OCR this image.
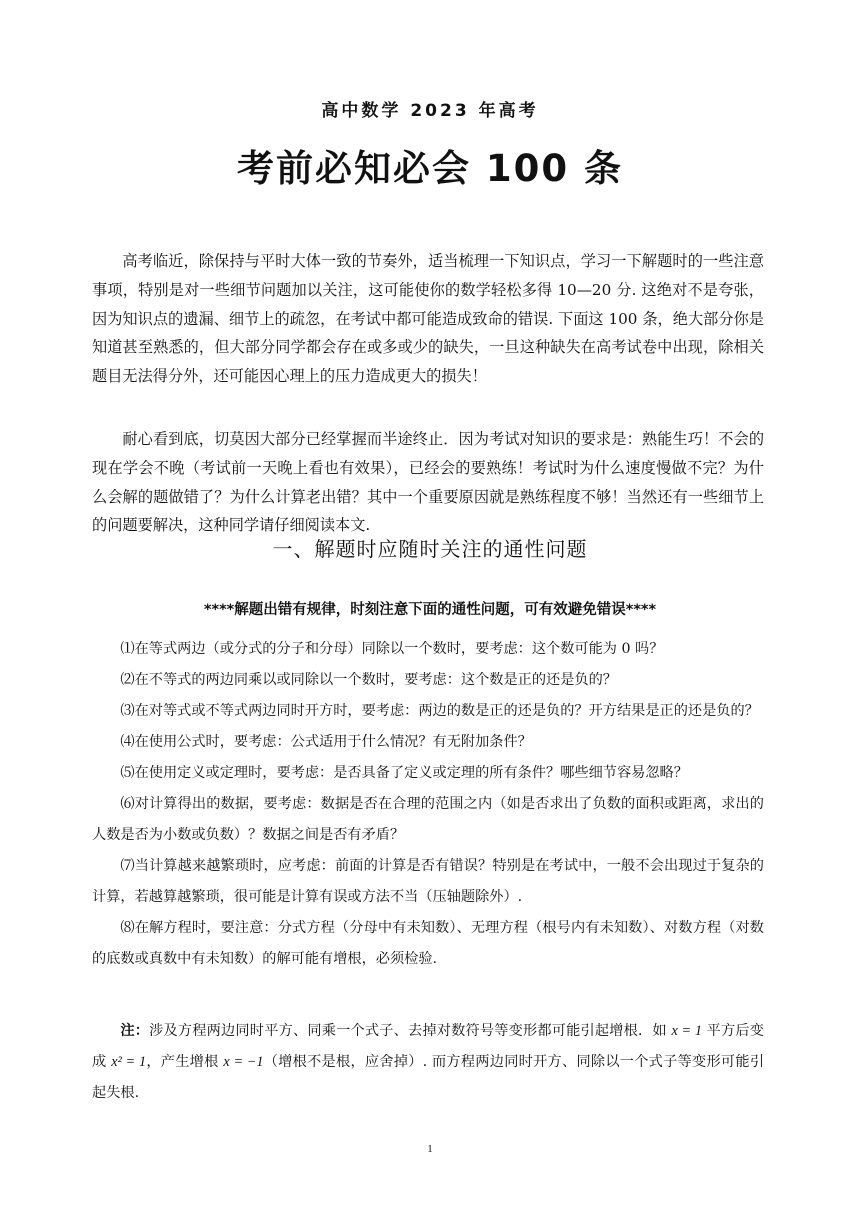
高中数学 2023 年高考
考前必知必会 100 条

高考临近，除保持与平时大体一致的节奏外，适当梳理一下知识点，学习一下解题时的一些注意事项，特别是对一些细节问题加以关注，这可能使你的数学轻松多得 10—20 分. 这绝对不是夸张，因为知识点的遗漏、细节上的疏忽，在考试中都可能造成致命的错误. 下面这 100 条，绝大部分你是知道甚至熟悉的，但大部分同学都会存在或多或少的缺失，一旦这种缺失在高考试卷中出现，除相关题目无法得分外，还可能因心理上的压力造成更大的损失！

耐心看到底，切莫因大部分已经掌握而半途终止．因为考试对知识的要求是：熟能生巧！不会的现在学会不晚（考试前一天晚上看也有效果），已经会的要熟练！考试时为什么速度慢做不完？为什么会解的题做错了？为什么计算老出错？其中一个重要原因就是熟练程度不够！当然还有一些细节上的问题要解决，这种同学请仔细阅读本文.

一、解题时应随时关注的通性问题
****解题出错有规律，时刻注意下面的通性问题，可有效避免错误****

⑴在等式两边（或分式的分子和分母）同除以一个数时，要考虑：这个数可能为 0 吗？

⑵在不等式的两边同乘以或同除以一个数时，要考虑：这个数是正的还是负的？

⑶在对等式或不等式两边同时开方时，要考虑：两边的数是正的还是负的？开方结果是正的还是负的？

⑷在使用公式时，要考虑：公式适用于什么情况？有无附加条件？

⑸在使用定义或定理时，要考虑：是否具备了定义或定理的所有条件？哪些细节容易忽略？

⑹对计算得出的数据，要考虑：数据是否在合理的范围之内（如是否求出了负数的面积或距离，求出的人数是否为小数或负数）？数据之间是否有矛盾？

⑺当计算越来越繁琐时，应考虑：前面的计算是否有错误？特别是在考试中，一般不会出现过于复杂的计算，若越算越繁琐，很可能是计算有误或方法不当（压轴题除外）.

⑻在解方程时，要注意：分式方程（分母中有未知数）、无理方程（根号内有未知数）、对数方程（对数的底数或真数中有未知数）的解可能有增根，必须检验.

注：涉及方程两边同时平方、同乘一个式子、去掉对数符号等变形都可能引起增根．如 x = 1 平方后变成 x² = 1，产生增根 x = −1（增根不是根，应舍掉）. 而方程两边同时开方、同除以一个式子等变形可能引起失根.

1
